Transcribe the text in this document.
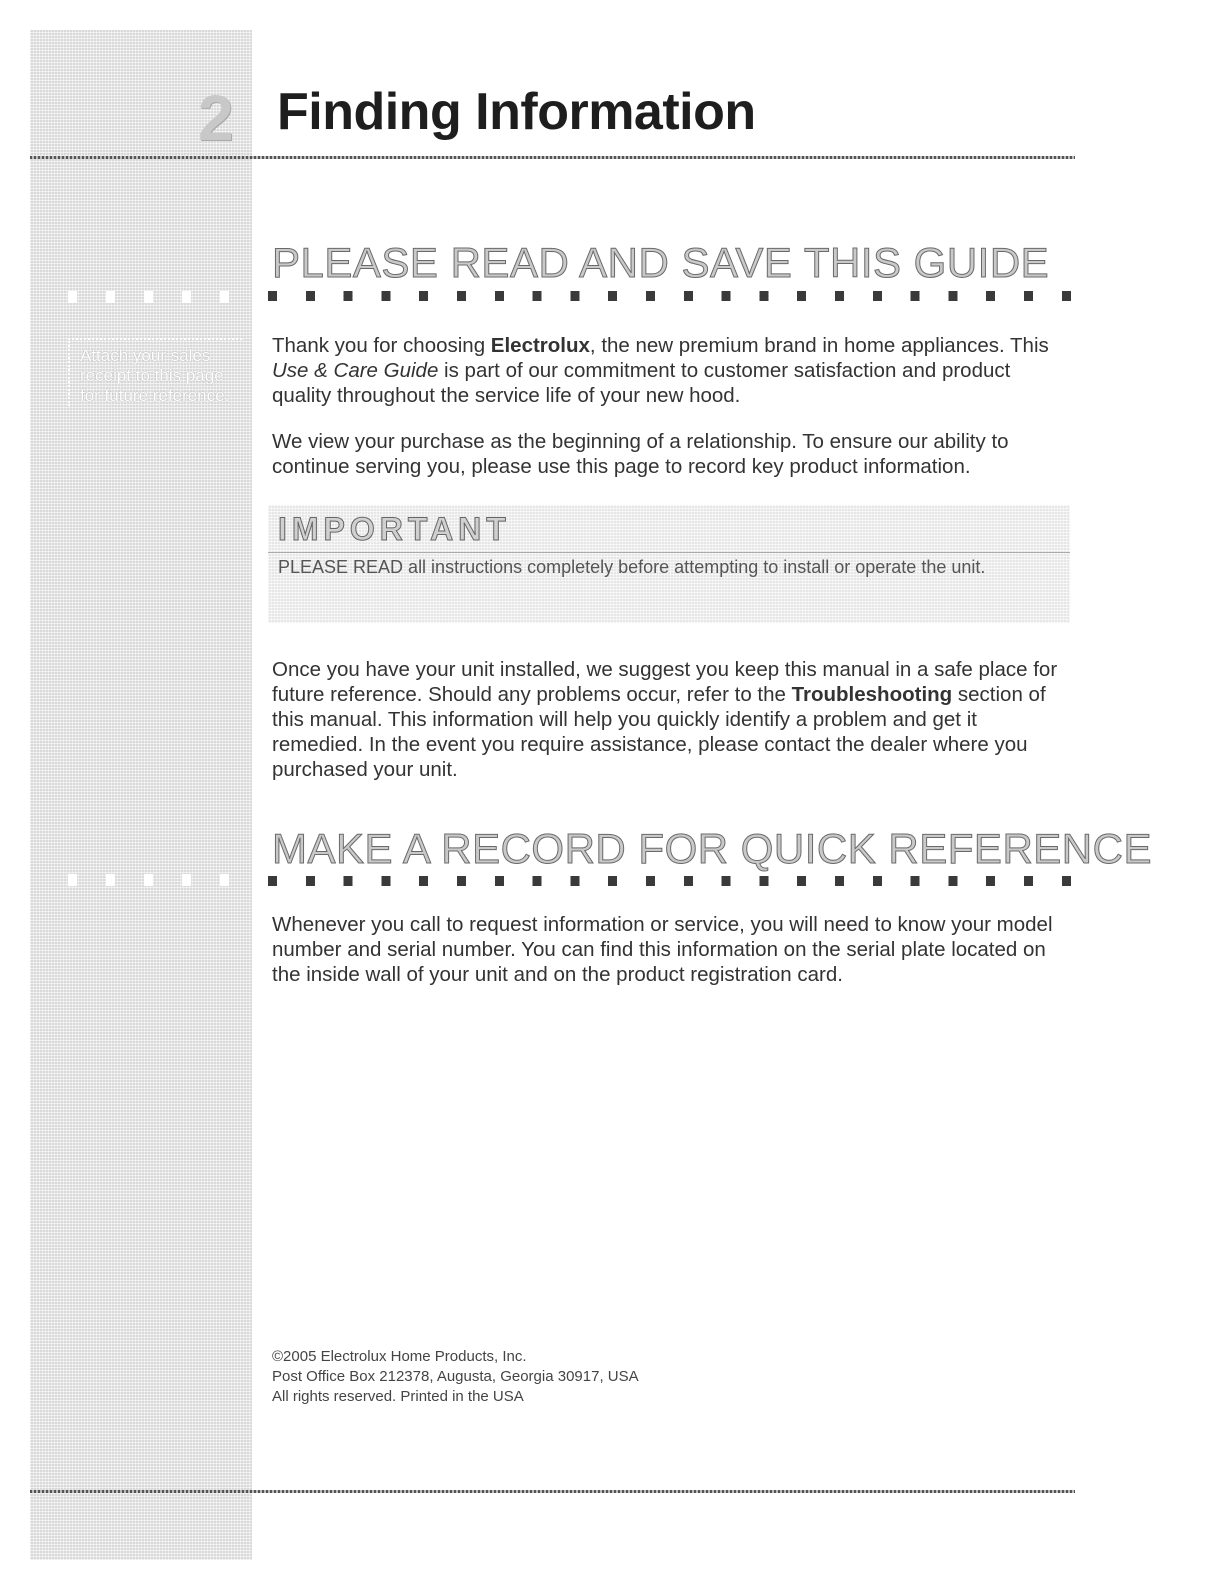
Attach your sales receipt to this page for future reference.

2 Finding Information
PLEASE READ AND SAVE THIS GUIDE

Thank you for choosing Electrolux, the new premium brand in home appliances. This Use & Care Guide is part of our commitment to customer satisfaction and product quality throughout the service life of your new hood.

We view your purchase as the beginning of a relationship. To ensure our ability to continue serving you, please use this page to record key product information.

IMPORTANT

PLEASE READ all instructions completely before attempting to install or operate the unit.

Once you have your unit installed, we suggest you keep this manual in a safe place for future reference. Should any problems occur, refer to the Troubleshooting section of this manual. This information will help you quickly identify a problem and get it remedied. In the event you require assistance, please contact the dealer where you purchased your unit.

MAKE A RECORD FOR QUICK REFERENCE

Whenever you call to request information or service, you will need to know your model number and serial number. You can find this information on the serial plate located on the inside wall of your unit and on the product registration card.

©2005 Electrolux Home Products, Inc.
Post Office Box 212378, Augusta, Georgia 30917, USA
All rights reserved. Printed in the USA
